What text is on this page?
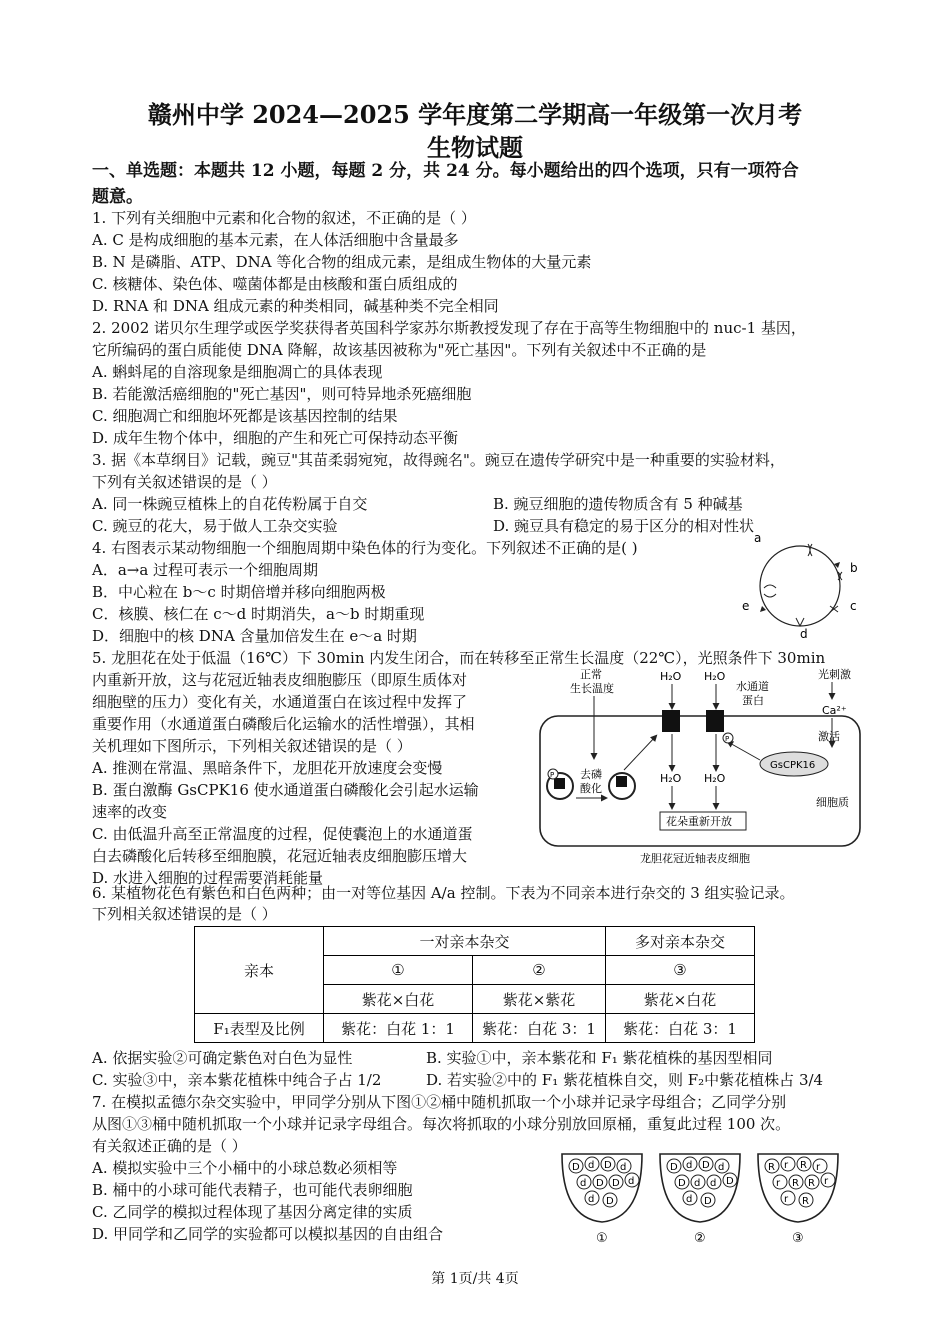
赣州中学 2024—2025 学年度第二学期高一年级第一次月考
生物试题
一、单选题：本题共 12 小题，每题 2 分，共 24 分。每小题给出的四个选项，只有一项符合
题意。
1. 下列有关细胞中元素和化合物的叙述，不正确的是（ ）
A. C 是构成细胞的基本元素，在人体活细胞中含量最多
B. N 是磷脂、ATP、DNA 等化合物的组成元素，是组成生物体的大量元素
C. 核糖体、染色体、噬菌体都是由核酸和蛋白质组成的
D. RNA 和 DNA 组成元素的种类相同，碱基种类不完全相同
2. 2002 诺贝尔生理学或医学奖获得者英国科学家苏尔斯教授发现了存在于高等生物细胞中的 nuc-1 基因，
它所编码的蛋白质能使 DNA 降解，故该基因被称为"死亡基因"。下列有关叙述中不正确的是
A. 蝌蚪尾的自溶现象是细胞凋亡的具体表现
B. 若能激活癌细胞的"死亡基因"，则可特异地杀死癌细胞
C. 细胞凋亡和细胞坏死都是该基因控制的结果
D. 成年生物个体中，细胞的产生和死亡可保持动态平衡
3. 据《本草纲目》记载，豌豆"其苗柔弱宛宛，故得豌名"。豌豆在遗传学研究中是一种重要的实验材料，
下列有关叙述错误的是（ ）
A. 同一株豌豆植株上的自花传粉属于自交	B. 豌豆细胞的遗传物质含有 5 种碱基
C. 豌豆的花大，易于做人工杂交实验	D. 豌豆具有稳定的易于区分的相对性状
4. 右图表示某动物细胞一个细胞周期中染色体的行为变化。下列叙述不正确的是( )
A．a→a 过程可表示一个细胞周期
B．中心粒在 b～c 时期倍增并移向细胞两极
C．核膜、核仁在 c～d 时期消失，a～b 时期重现
D．细胞中的核 DNA 含量加倍发生在 e～a 时期
a
b
c
d
e
5. 龙胆花在处于低温（16℃）下 30min 内发生闭合，而在转移至正常生长温度（22℃），光照条件下 30min
内重新开放，这与花冠近轴表皮细胞膨压（即原生质体对
细胞壁的压力）变化有关，水通道蛋白在该过程中发挥了
重要作用（水通道蛋白磷酸后化运输水的活性增强），其相
关机理如下图所示，下列相关叙述错误的是（ ）
A. 推测在常温、黑暗条件下，龙胆花开放速度会变慢
B. 蛋白激酶 GsCPK16 使水通道蛋白磷酸化会引起水运输
速率的改变
C. 由低温升高至正常温度的过程，促使囊泡上的水通道蛋
白去磷酸化后转移至细胞膜，花冠近轴表皮细胞膨压增大
D. 水进入细胞的过程需要消耗能量
正常
生长温度
H₂O H₂O
水通道
蛋白
光刺激
Ca²⁺
激活
GsCPK16
P
H₂O H₂O
花朵重新开放
P 去磷
酸化
细胞质
龙胆花冠近轴表皮细胞
6. 某植物花色有紫色和白色两种；由一对等位基因 A/a 控制。下表为不同亲本进行杂交的 3 组实验记录。
下列相关叙述错误的是（ ）
亲本	一对亲本杂交		多对亲本杂交
	①	②	③
	紫花×白花	紫花×紫花	紫花×白花
F₁表型及比例	紫花：白花 1：1	紫花：白花 3：1	紫花：白花 3：1
A. 依据实验②可确定紫色对白色为显性	B. 实验①中，亲本紫花和 F₁ 紫花植株的基因型相同
C. 实验③中，亲本紫花植株中纯合子占 1/2	D. 若实验②中的 F₁ 紫花植株自交，则 F₂中紫花植株占 3/4
7. 在模拟孟德尔杂交实验中，甲同学分别从下图①②桶中随机抓取一个小球并记录字母组合；乙同学分别
从图①③桶中随机抓取一个小球并记录字母组合。每次将抓取的小球分别放回原桶，重复此过程 100 次。
有关叙述正确的是（ ）
A. 模拟实验中三个小桶中的小球总数必须相等
B. 桶中的小球可能代表精子，也可能代表卵细胞
C. 乙同学的模拟过程体现了基因分离定律的实质
D. 甲同学和乙同学的实验都可以模拟基因的自由组合
D d D d
d D D d
d D
①
D d D d
D d d D
d D
②
R r R r
r R R r
r R
③
第 1页/共 4页
